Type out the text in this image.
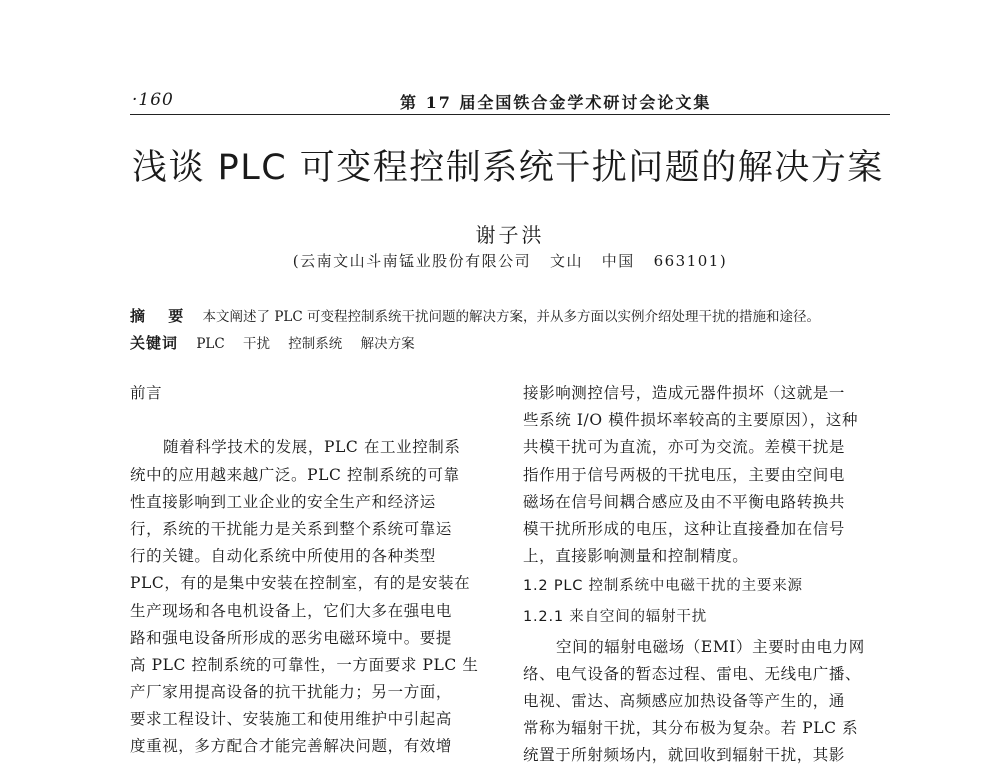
·160	第 17 届全国铁合金学术研讨会论文集
浅谈 PLC 可变程控制系统干扰问题的解决方案
谢子洪
(云南文山斗南锰业股份有限公司   文山   中国   663101)
摘 要 本文阐述了 PLC 可变程控制系统干扰问题的解决方案，并从多方面以实例介绍处理干扰的措施和途径。
关键词 PLC 干扰 控制系统 解决方案
前言
随着科学技术的发展，PLC 在工业控制系
统中的应用越来越广泛。PLC 控制系统的可靠
性直接影响到工业企业的安全生产和经济运
行，系统的干扰能力是关系到整个系统可靠运
行的关键。自动化系统中所使用的各种类型
PLC，有的是集中安装在控制室，有的是安装在
生产现场和各电机设备上，它们大多在强电电
路和强电设备所形成的恶劣电磁环境中。要提
高 PLC 控制系统的可靠性，一方面要求 PLC 生
产厂家用提高设备的抗干扰能力；另一方面，
要求工程设计、安装施工和使用维护中引起高
度重视，多方配合才能完善解决问题，有效增
接影响测控信号，造成元器件损坏（这就是一
些系统 I/O 模件损坏率较高的主要原因），这种
共模干扰可为直流，亦可为交流。差模干扰是
指作用于信号两极的干扰电压，主要由空间电
磁场在信号间耦合感应及由不平衡电路转换共
模干扰所形成的电压，这种让直接叠加在信号
上，直接影响测量和控制精度。
1.2 PLC 控制系统中电磁干扰的主要来源
1.2.1 来自空间的辐射干扰
空间的辐射电磁场（EMI）主要时由电力网
络、电气设备的暂态过程、雷电、无线电广播、
电视、雷达、高频感应加热设备等产生的，通
常称为辐射干扰，其分布极为复杂。若 PLC 系
统置于所射频场内，就回收到辐射干扰，其影
